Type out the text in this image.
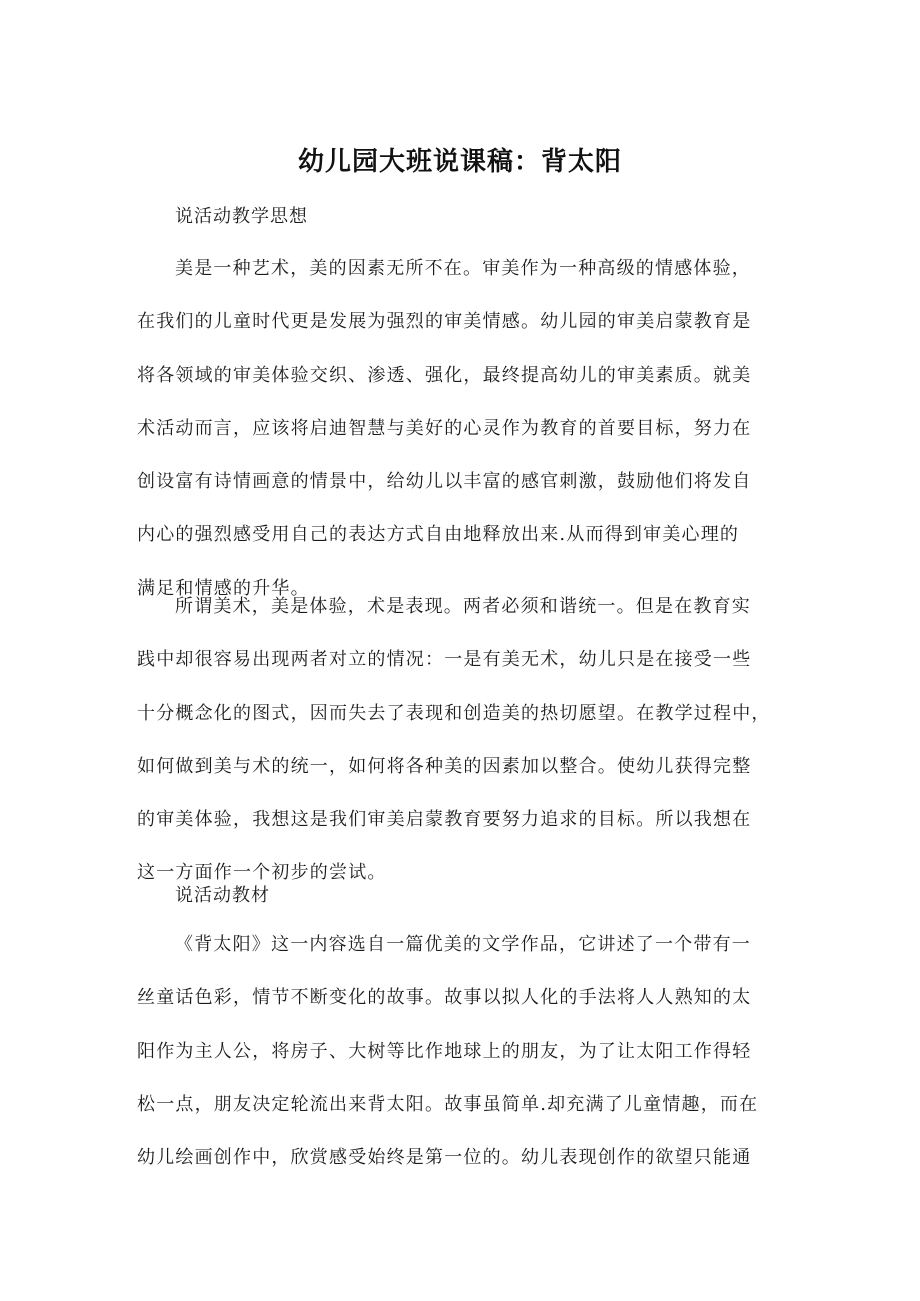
幼儿园大班说课稿：背太阳
说活动教学思想
美是一种艺术，美的因素无所不在。审美作为一种高级的情感体验，
在我们的儿童时代更是发展为强烈的审美情感。幼儿园的审美启蒙教育是
将各领域的审美体验交织、渗透、强化，最终提高幼儿的审美素质。就美
术活动而言，应该将启迪智慧与美好的心灵作为教育的首要目标，努力在
创设富有诗情画意的情景中，给幼儿以丰富的感官刺激，鼓励他们将发自
内心的强烈感受用自己的表达方式自由地释放出来.从而得到审美心理的
满足和情感的升华。
所谓美术，美是体验，术是表现。两者必须和谐统一。但是在教育实
践中却很容易出现两者对立的情况：一是有美无术，幼儿只是在接受一些
十分概念化的图式，因而失去了表现和创造美的热切愿望。在教学过程中，
如何做到美与术的统一，如何将各种美的因素加以整合。使幼儿获得完整
的审美体验，我想这是我们审美启蒙教育要努力追求的目标。所以我想在
这一方面作一个初步的尝试。
说活动教材
《背太阳》这一内容选自一篇优美的文学作品，它讲述了一个带有一
丝童话色彩，情节不断变化的故事。故事以拟人化的手法将人人熟知的太
阳作为主人公，将房子、大树等比作地球上的朋友，为了让太阳工作得轻
松一点，朋友决定轮流出来背太阳。故事虽简单.却充满了儿童情趣，而在
幼儿绘画创作中，欣赏感受始终是第一位的。幼儿表现创作的欲望只能通
